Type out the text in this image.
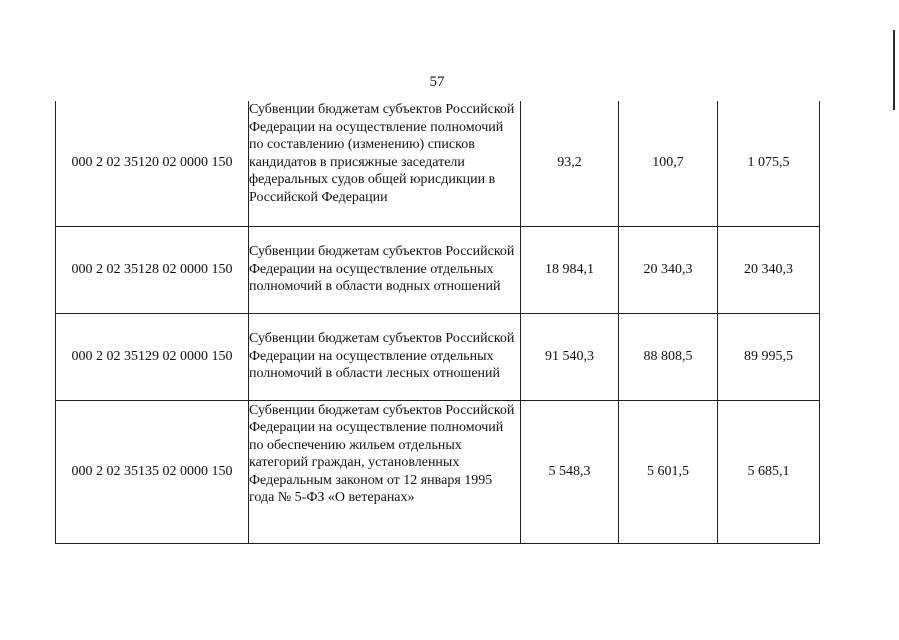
57
000 2 02 35120 02 0000 150	Субвенции бюджетам субъектов Российской Федерации на осуществление полномочий по составлению (изменению) списков кандидатов в присяжные заседатели федеральных судов общей юрисдикции в Российской Федерации	93,2	100,7	1 075,5
000 2 02 35128 02 0000 150	Субвенции бюджетам субъектов Российской Федерации на осуществление отдельных полномочий в области водных отношений	18 984,1	20 340,3	20 340,3
000 2 02 35129 02 0000 150	Субвенции бюджетам субъектов Российской Федерации на осуществление отдельных полномочий в области лесных отношений	91 540,3	88 808,5	89 995,5
000 2 02 35135 02 0000 150	Субвенции бюджетам субъектов Российской Федерации на осуществление полномочий по обеспечению жильем отдельных категорий граждан, установленных Федеральным законом от 12 января 1995 года № 5-ФЗ «О ветеранах»	5 548,3	5 601,5	5 685,1
